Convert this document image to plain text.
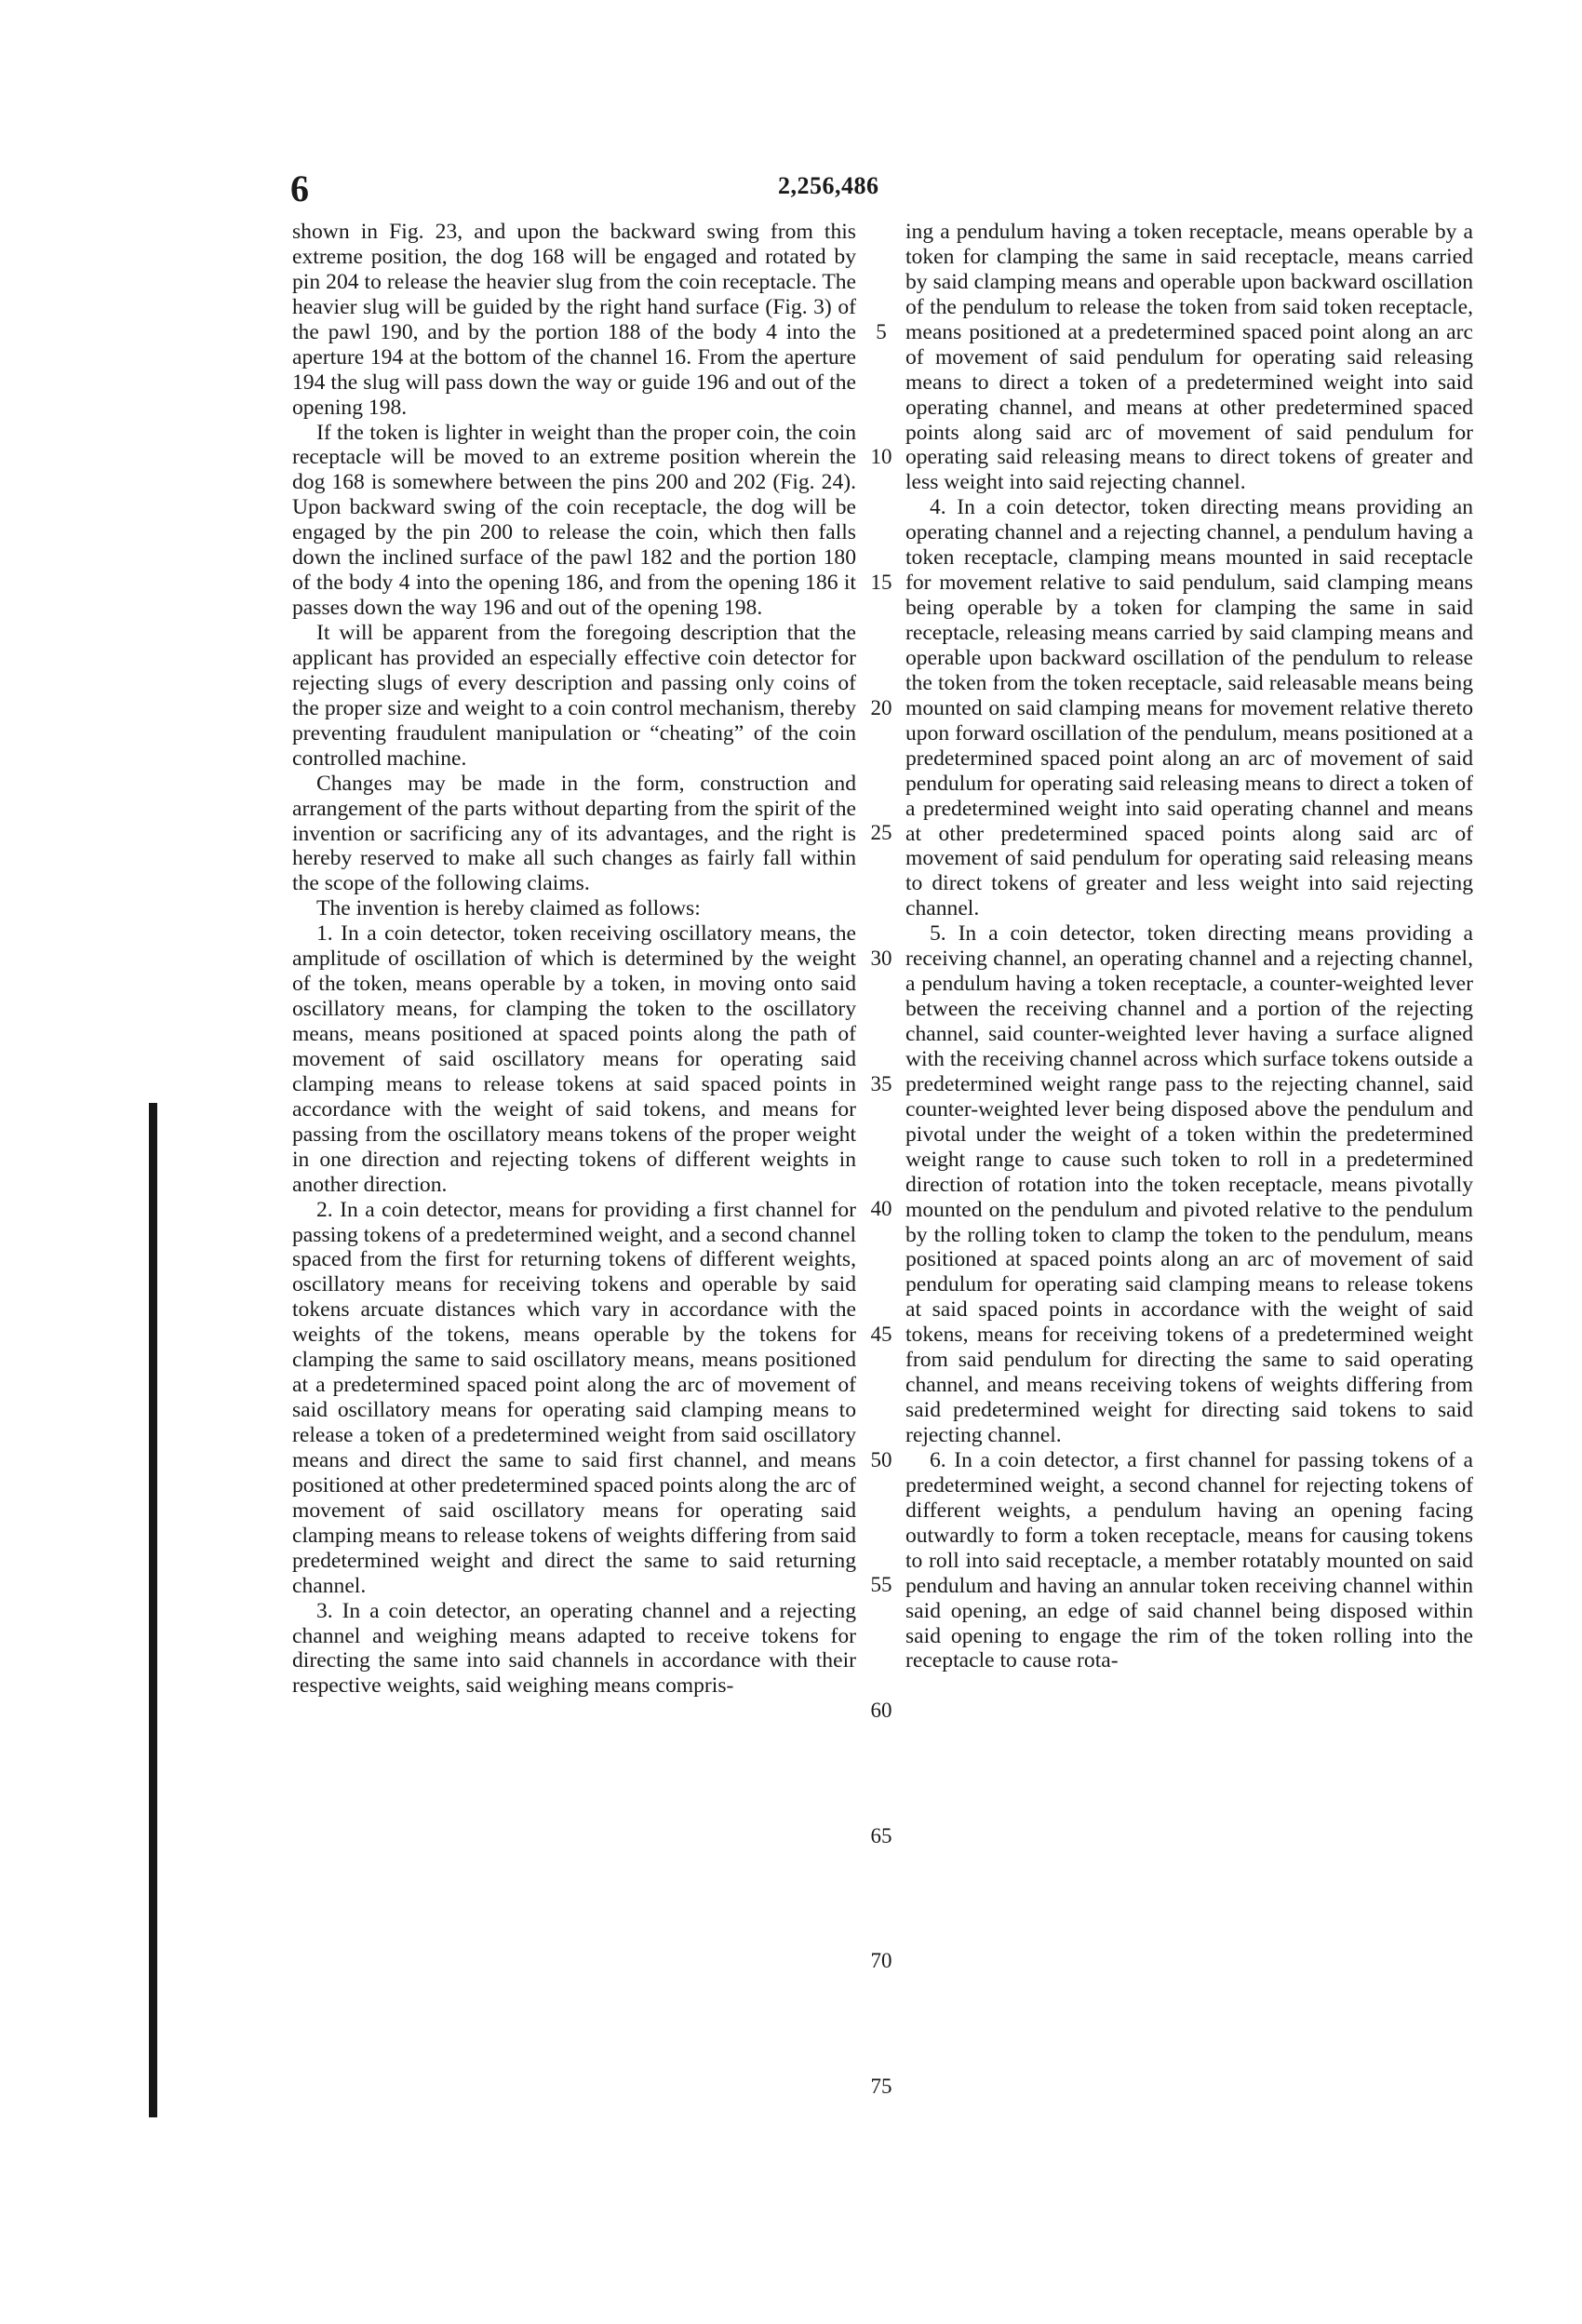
6	2,256,486

shown in Fig. 23, and upon the backward swing from this extreme position, the dog 168 will be engaged and rotated by pin 204 to release the heavier slug from the coin receptacle. The heavier slug will be guided by the right hand surface (Fig. 3) of the pawl 190, and by the portion 188 of the body 4 into the aperture 194 at the bottom of the channel 16. From the aperture 194 the slug will pass down the way or guide 196 and out of the opening 198.

If the token is lighter in weight than the proper coin, the coin receptacle will be moved to an extreme position wherein the dog 168 is somewhere between the pins 200 and 202 (Fig. 24). Upon backward swing of the coin receptacle, the dog will be engaged by the pin 200 to release the coin, which then falls down the inclined surface of the pawl 182 and the portion 180 of the body 4 into the opening 186, and from the opening 186 it passes down the way 196 and out of the opening 198.

It will be apparent from the foregoing description that the applicant has provided an especially effective coin detector for rejecting slugs of every description and passing only coins of the proper size and weight to a coin control mechanism, thereby preventing fraudulent manipulation or “cheating” of the coin controlled machine.

Changes may be made in the form, construction and arrangement of the parts without departing from the spirit of the invention or sacrificing any of its advantages, and the right is hereby reserved to make all such changes as fairly fall within the scope of the following claims.

The invention is hereby claimed as follows:

1. In a coin detector, token receiving oscillatory means, the amplitude of oscillation of which is determined by the weight of the token, means operable by a token, in moving onto said oscillatory means, for clamping the token to the oscillatory means, means positioned at spaced points along the path of movement of said oscillatory means for operating said clamping means to release tokens at said spaced points in accordance with the weight of said tokens, and means for passing from the oscillatory means tokens of the proper weight in one direction and rejecting tokens of different weights in another direction.

2. In a coin detector, means for providing a first channel for passing tokens of a predetermined weight, and a second channel spaced from the first for returning tokens of different weights, oscillatory means for receiving tokens and operable by said tokens arcuate distances which vary in accordance with the weights of the tokens, means operable by the tokens for clamping the same to said oscillatory means, means positioned at a predetermined spaced point along the arc of movement of said oscillatory means for operating said clamping means to release a token of a predetermined weight from said oscillatory means and direct the same to said first channel, and means positioned at other predetermined spaced points along the arc of movement of said oscillatory means for operating said clamping means to release tokens of weights differing from said predetermined weight and direct the same to said returning channel.

3. In a coin detector, an operating channel and a rejecting channel and weighing means adapted to receive tokens for directing the same into said channels in accordance with their respective weights, said weighing means compris-

5
10
15
20
25
30
35
40
45
50
55
60
65
70
75

ing a pendulum having a token receptacle, means operable by a token for clamping the same in said receptacle, means carried by said clamping means and operable upon backward oscillation of the pendulum to release the token from said token receptacle, means positioned at a predetermined spaced point along an arc of movement of said pendulum for operating said releasing means to direct a token of a predetermined weight into said operating channel, and means at other predetermined spaced points along said arc of movement of said pendulum for operating said releasing means to direct tokens of greater and less weight into said rejecting channel.

4. In a coin detector, token directing means providing an operating channel and a rejecting channel, a pendulum having a token receptacle, clamping means mounted in said receptacle for movement relative to said pendulum, said clamping means being operable by a token for clamping the same in said receptacle, releasing means carried by said clamping means and operable upon backward oscillation of the pendulum to release the token from the token receptacle, said releasable means being mounted on said clamping means for movement relative thereto upon forward oscillation of the pendulum, means positioned at a predetermined spaced point along an arc of movement of said pendulum for operating said releasing means to direct a token of a predetermined weight into said operating channel and means at other predetermined spaced points along said arc of movement of said pendulum for operating said releasing means to direct tokens of greater and less weight into said rejecting channel.

5. In a coin detector, token directing means providing a receiving channel, an operating channel and a rejecting channel, a pendulum having a token receptacle, a counter-weighted lever between the receiving channel and a portion of the rejecting channel, said counter-weighted lever having a surface aligned with the receiving channel across which surface tokens outside a predetermined weight range pass to the rejecting channel, said counter-weighted lever being disposed above the pendulum and pivotal under the weight of a token within the predetermined weight range to cause such token to roll in a predetermined direction of rotation into the token receptacle, means pivotally mounted on the pendulum and pivoted relative to the pendulum by the rolling token to clamp the token to the pendulum, means positioned at spaced points along an arc of movement of said pendulum for operating said clamping means to release tokens at said spaced points in accordance with the weight of said tokens, means for receiving tokens of a predetermined weight from said pendulum for directing the same to said operating channel, and means receiving tokens of weights differing from said predetermined weight for directing said tokens to said rejecting channel.

6. In a coin detector, a first channel for passing tokens of a predetermined weight, a second channel for rejecting tokens of different weights, a pendulum having an opening facing outwardly to form a token receptacle, means for causing tokens to roll into said receptacle, a member rotatably mounted on said pendulum and having an annular token receiving channel within said opening, an edge of said channel being disposed within said opening to engage the rim of the token rolling into the receptacle to cause rota-
